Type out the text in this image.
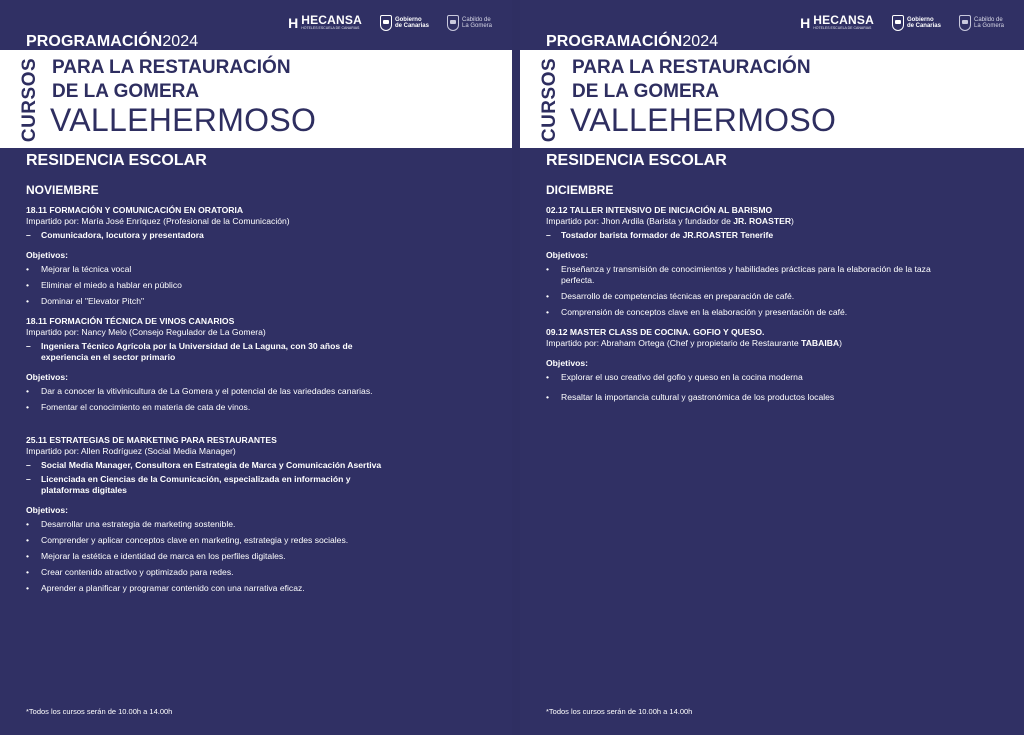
H HECANSA
HOTELES ESCUELA DE CANARIAS
Gobierno
de Canarias
Cabildo de
La Gomera
PROGRAMACIÓN2024
CURSOS PARA LA RESTAURACIÓN
DE LA GOMERA
VALLEHERMOSO
RESIDENCIA ESCOLAR
NOVIEMBRE
18.11 FORMACIÓN Y COMUNICACIÓN EN ORATORIA
Impartido por: María José Enríquez (Profesional de la Comunicación)
–	Comunicadora, locutora y presentadora
Objetivos:
•	Mejorar la técnica vocal
•	Eliminar el miedo a hablar en público
•	Dominar el "Elevator Pitch"
18.11 FORMACIÓN TÉCNICA DE VINOS CANARIOS
Impartido por: Nancy Melo (Consejo Regulador de La Gomera)
–	Ingeniera Técnico Agrícola por la Universidad de La Laguna, con 30 años de experiencia en el sector primario
Objetivos:
•	Dar a conocer la vitivinicultura de La Gomera y el potencial de las variedades canarias.
•	Fomentar el conocimiento en materia de cata de vinos.
25.11 ESTRATEGIAS DE MARKETING PARA RESTAURANTES
Impartido por: Allen Rodríguez (Social Media Manager)
–	Social Media Manager, Consultora en Estrategia de Marca y Comunicación Asertiva
–	Licenciada en Ciencias de la Comunicación, especializada en información y plataformas digitales
Objetivos:
•	Desarrollar una estrategia de marketing sostenible.
•	Comprender y aplicar conceptos clave en marketing, estrategia y redes sociales.
•	Mejorar la estética e identidad de marca en los perfiles digitales.
•	Crear contenido atractivo y optimizado para redes.
•	Aprender a planificar y programar contenido con una narrativa eficaz.
*Todos los cursos serán de 10.00h a 14.00h
H HECANSA
HOTELES ESCUELA DE CANARIAS
Gobierno
de Canarias
Cabildo de
La Gomera
PROGRAMACIÓN2024
CURSOS PARA LA RESTAURACIÓN
DE LA GOMERA
VALLEHERMOSO
RESIDENCIA ESCOLAR
DICIEMBRE
02.12 TALLER INTENSIVO DE INICIACIÓN AL BARISMO
Impartido por: Jhon Ardila (Barista y fundador de JR. ROASTER)
–	Tostador barista formador de JR.ROASTER Tenerife
Objetivos:
•	Enseñanza y transmisión de conocimientos y habilidades prácticas para la elaboración de la taza perfecta.
•	Desarrollo de competencias técnicas en preparación de café.
•	Comprensión de conceptos clave en la elaboración y presentación de café.
09.12 MASTER CLASS DE COCINA. GOFIO Y QUESO.
Impartido por: Abraham Ortega (Chef y propietario de Restaurante TABAIBA)
Objetivos:
•	Explorar el uso creativo del gofio y queso en la cocina moderna
•	Resaltar la importancia cultural y gastronómica de los productos locales
*Todos los cursos serán de 10.00h a 14.00h
